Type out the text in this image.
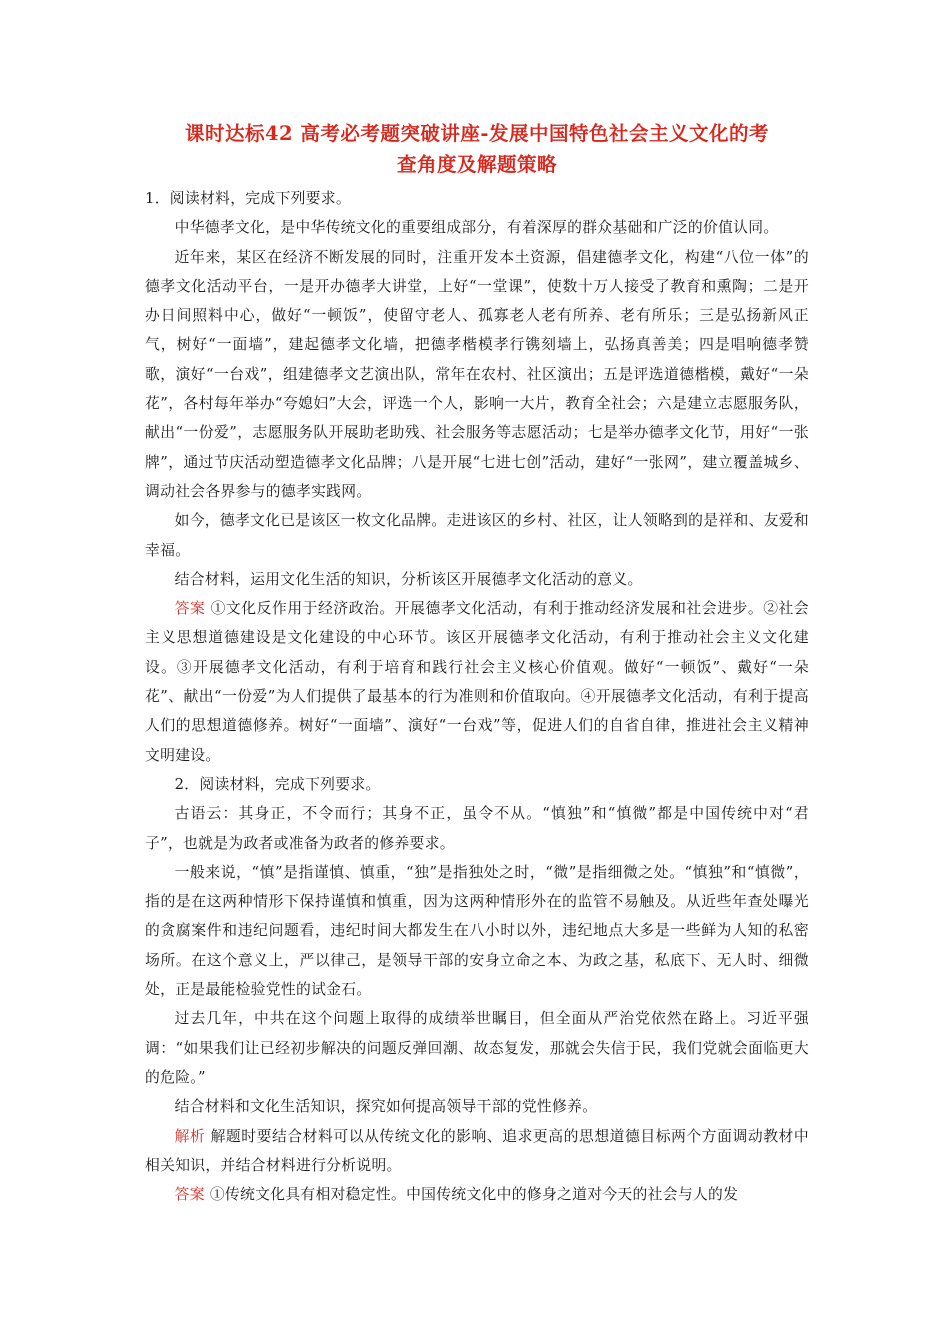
课时达标42 高考必考题突破讲座-发展中国特色社会主义文化的考
查角度及解题策略

1．阅读材料，完成下列要求。

中华德孝文化，是中华传统文化的重要组成部分，有着深厚的群众基础和广泛的价值认同。

近年来，某区在经济不断发展的同时，注重开发本土资源，倡建德孝文化，构建“八位一体”的德孝文化活动平台，一是开办德孝大讲堂，上好“一堂课”，使数十万人接受了教育和熏陶；二是开办日间照料中心，做好“一顿饭”，使留守老人、孤寡老人老有所养、老有所乐；三是弘扬新风正气，树好“一面墙”，建起德孝文化墙，把德孝楷模孝行镌刻墙上，弘扬真善美；四是唱响德孝赞歌，演好“一台戏”，组建德孝文艺演出队，常年在农村、社区演出；五是评选道德楷模，戴好“一朵花”，各村每年举办“夸媳妇”大会，评选一个人，影响一大片，教育全社会；六是建立志愿服务队，献出“一份爱”，志愿服务队开展助老助残、社会服务等志愿活动；七是举办德孝文化节，用好“一张牌”，通过节庆活动塑造德孝文化品牌；八是开展“七进七创”活动，建好“一张网”，建立覆盖城乡、调动社会各界参与的德孝实践网。

如今，德孝文化已是该区一枚文化品牌。走进该区的乡村、社区，让人领略到的是祥和、友爱和幸福。

结合材料，运用文化生活的知识，分析该区开展德孝文化活动的意义。

答案 ①文化反作用于经济政治。开展德孝文化活动，有利于推动经济发展和社会进步。②社会主义思想道德建设是文化建设的中心环节。该区开展德孝文化活动，有利于推动社会主义文化建设。③开展德孝文化活动，有利于培育和践行社会主义核心价值观。做好“一顿饭”、戴好“一朵花”、献出“一份爱”为人们提供了最基本的行为准则和价值取向。④开展德孝文化活动，有利于提高人们的思想道德修养。树好“一面墙”、演好“一台戏”等，促进人们的自省自律，推进社会主义精神文明建设。

2．阅读材料，完成下列要求。

古语云：其身正，不令而行；其身不正，虽令不从。“慎独”和“慎微”都是中国传统中对“君子”，也就是为政者或准备为政者的修养要求。

一般来说，“慎”是指谨慎、慎重，“独”是指独处之时，“微”是指细微之处。“慎独”和“慎微”，指的是在这两种情形下保持谨慎和慎重，因为这两种情形外在的监管不易触及。从近些年查处曝光的贪腐案件和违纪问题看，违纪时间大都发生在八小时以外，违纪地点大多是一些鲜为人知的私密场所。在这个意义上，严以律己，是领导干部的安身立命之本、为政之基，私底下、无人时、细微处，正是最能检验党性的试金石。

过去几年，中共在这个问题上取得的成绩举世瞩目，但全面从严治党依然在路上。习近平强调：“如果我们让已经初步解决的问题反弹回潮、故态复发，那就会失信于民，我们党就会面临更大的危险。”

结合材料和文化生活知识，探究如何提高领导干部的党性修养。

解析 解题时要结合材料可以从传统文化的影响、追求更高的思想道德目标两个方面调动教材中相关知识，并结合材料进行分析说明。

答案 ①传统文化具有相对稳定性。中国传统文化中的修身之道对今天的社会与人的发
